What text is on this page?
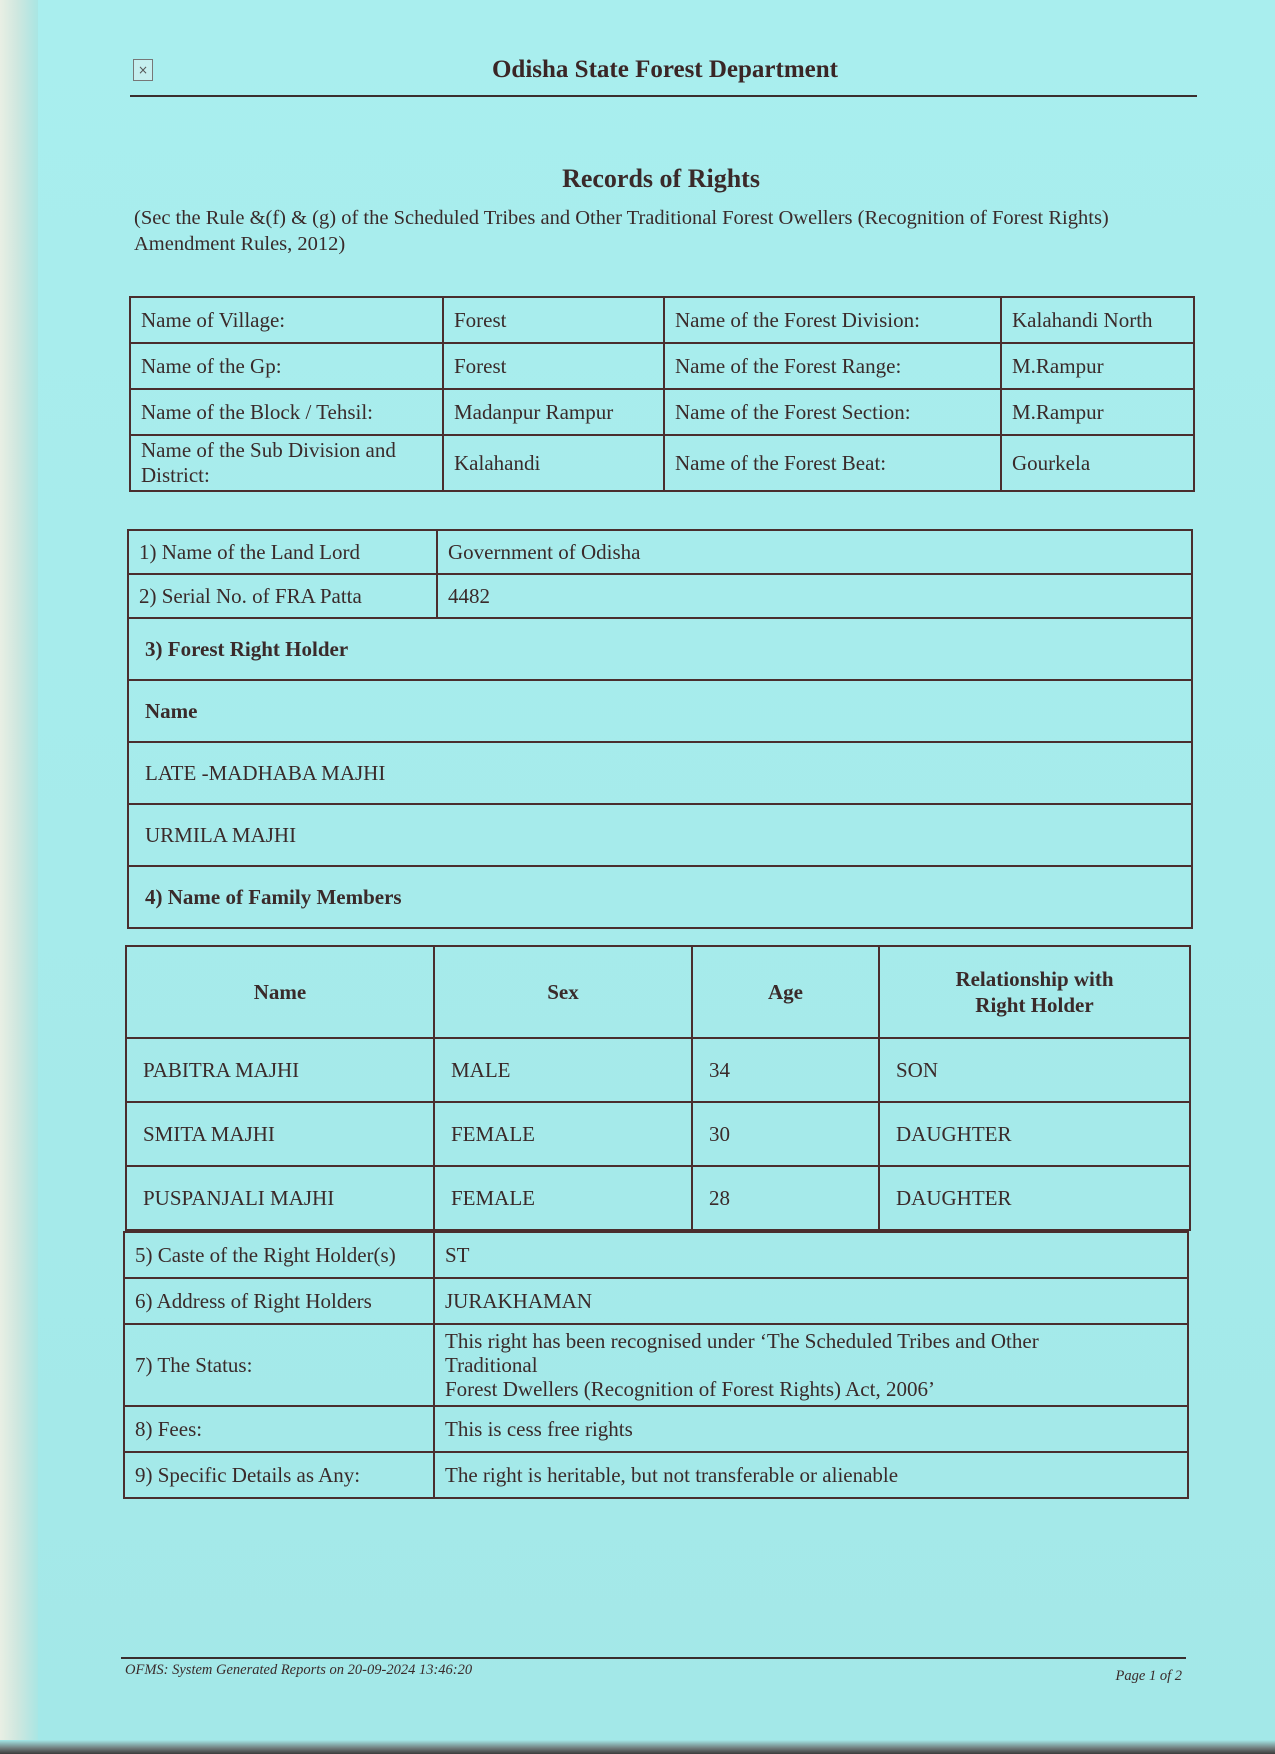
×	Odisha State Forest Department
Records of Rights
(Sec the Rule &(f) & (g) of the Scheduled Tribes and Other Traditional Forest Owellers (Recognition of Forest Rights) Amendment Rules, 2012)
Name of Village:	Forest	Name of the Forest Division:	Kalahandi North
Name of the Gp:	Forest	Name of the Forest Range:	M.Rampur
Name of the Block / Tehsil:	Madanpur Rampur	Name of the Forest Section:	M.Rampur
Name of the Sub Division and District:	Kalahandi	Name of the Forest Beat:	Gourkela
1) Name of the Land Lord	Government of Odisha
2) Serial No. of FRA Patta	4482
3) Forest Right Holder	
Name	
LATE -MADHABA MAJHI	
URMILA MAJHI	
4) Name of Family Members	
Name	Sex	Age	Relationship with Right Holder
PABITRA MAJHI	MALE	34	SON
SMITA MAJHI	FEMALE	30	DAUGHTER
PUSPANJALI MAJHI	FEMALE	28	DAUGHTER
5) Caste of the Right Holder(s)	ST
6) Address of Right Holders	JURAKHAMAN
7) The Status:	This right has been recognised under ‘The Scheduled Tribes and Other Traditional
Forest Dwellers (Recognition of Forest Rights) Act, 2006’

8) Fees:	This is cess free rights
9) Specific Details as Any:	The right is heritable, but not transferable or alienable
OFMS: System Generated Reports on 20-09-2024 13:46:20	Page 1 of 2
